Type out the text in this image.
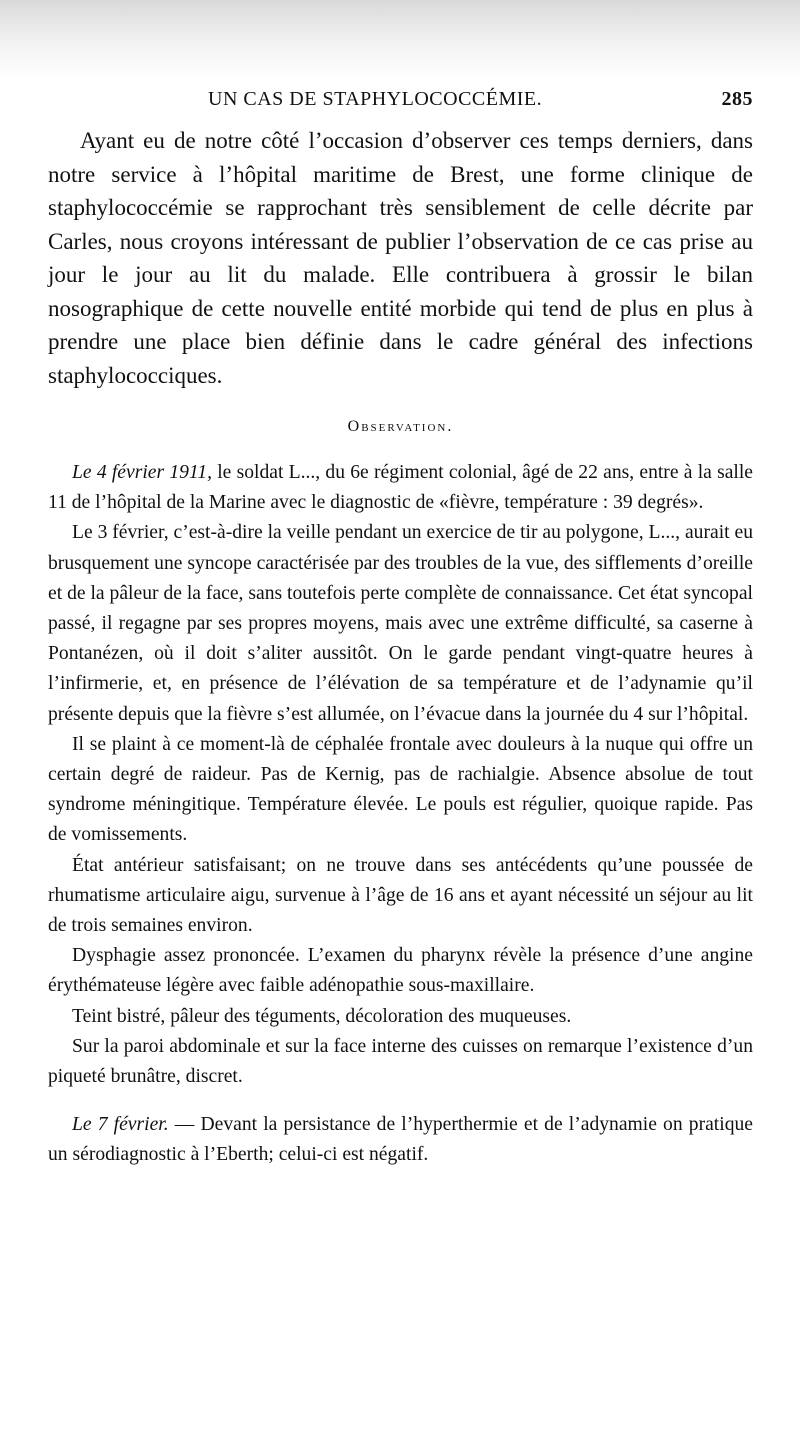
UN CAS DE STAPHYLOCOCCÉMIE.	285

Ayant eu de notre côté l’occasion d’observer ces temps derniers, dans notre service à l’hôpital maritime de Brest, une forme clinique de staphylococcémie se rapprochant très sensiblement de celle décrite par Carles, nous croyons intéressant de publier l’observation de ce cas prise au jour le jour au lit du malade. Elle contribuera à grossir le bilan nosographique de cette nouvelle entité morbide qui tend de plus en plus à prendre une place bien définie dans le cadre général des infections staphylococciques.

Observation.

Le 4 février 1911, le soldat L..., du 6e régiment colonial, âgé de 22 ans, entre à la salle 11 de l’hôpital de la Marine avec le diagnostic de «fièvre, température : 39 degrés».

Le 3 février, c’est-à-dire la veille pendant un exercice de tir au polygone, L..., aurait eu brusquement une syncope caractérisée par des troubles de la vue, des sifflements d’oreille et de la pâleur de la face, sans toutefois perte complète de connaissance. Cet état syncopal passé, il regagne par ses propres moyens, mais avec une extrême difficulté, sa caserne à Pontanézen, où il doit s’aliter aussitôt. On le garde pendant vingt-quatre heures à l’infirmerie, et, en présence de l’élévation de sa température et de l’adynamie qu’il présente depuis que la fièvre s’est allumée, on l’évacue dans la journée du 4 sur l’hôpital.

Il se plaint à ce moment-là de céphalée frontale avec douleurs à la nuque qui offre un certain degré de raideur. Pas de Kernig, pas de rachialgie. Absence absolue de tout syndrome méningitique. Température élevée. Le pouls est régulier, quoique rapide. Pas de vomissements.

État antérieur satisfaisant; on ne trouve dans ses antécédents qu’une poussée de rhumatisme articulaire aigu, survenue à l’âge de 16 ans et ayant nécessité un séjour au lit de trois semaines environ.

Dysphagie assez prononcée. L’examen du pharynx révèle la présence d’une angine érythémateuse légère avec faible adénopathie sous-maxillaire.

Teint bistré, pâleur des téguments, décoloration des muqueuses.

Sur la paroi abdominale et sur la face interne des cuisses on remarque l’existence d’un piqueté brunâtre, discret.

Le 7 février. — Devant la persistance de l’hyperthermie et de l’adynamie on pratique un sérodiagnostic à l’Eberth; celui-ci est négatif.
